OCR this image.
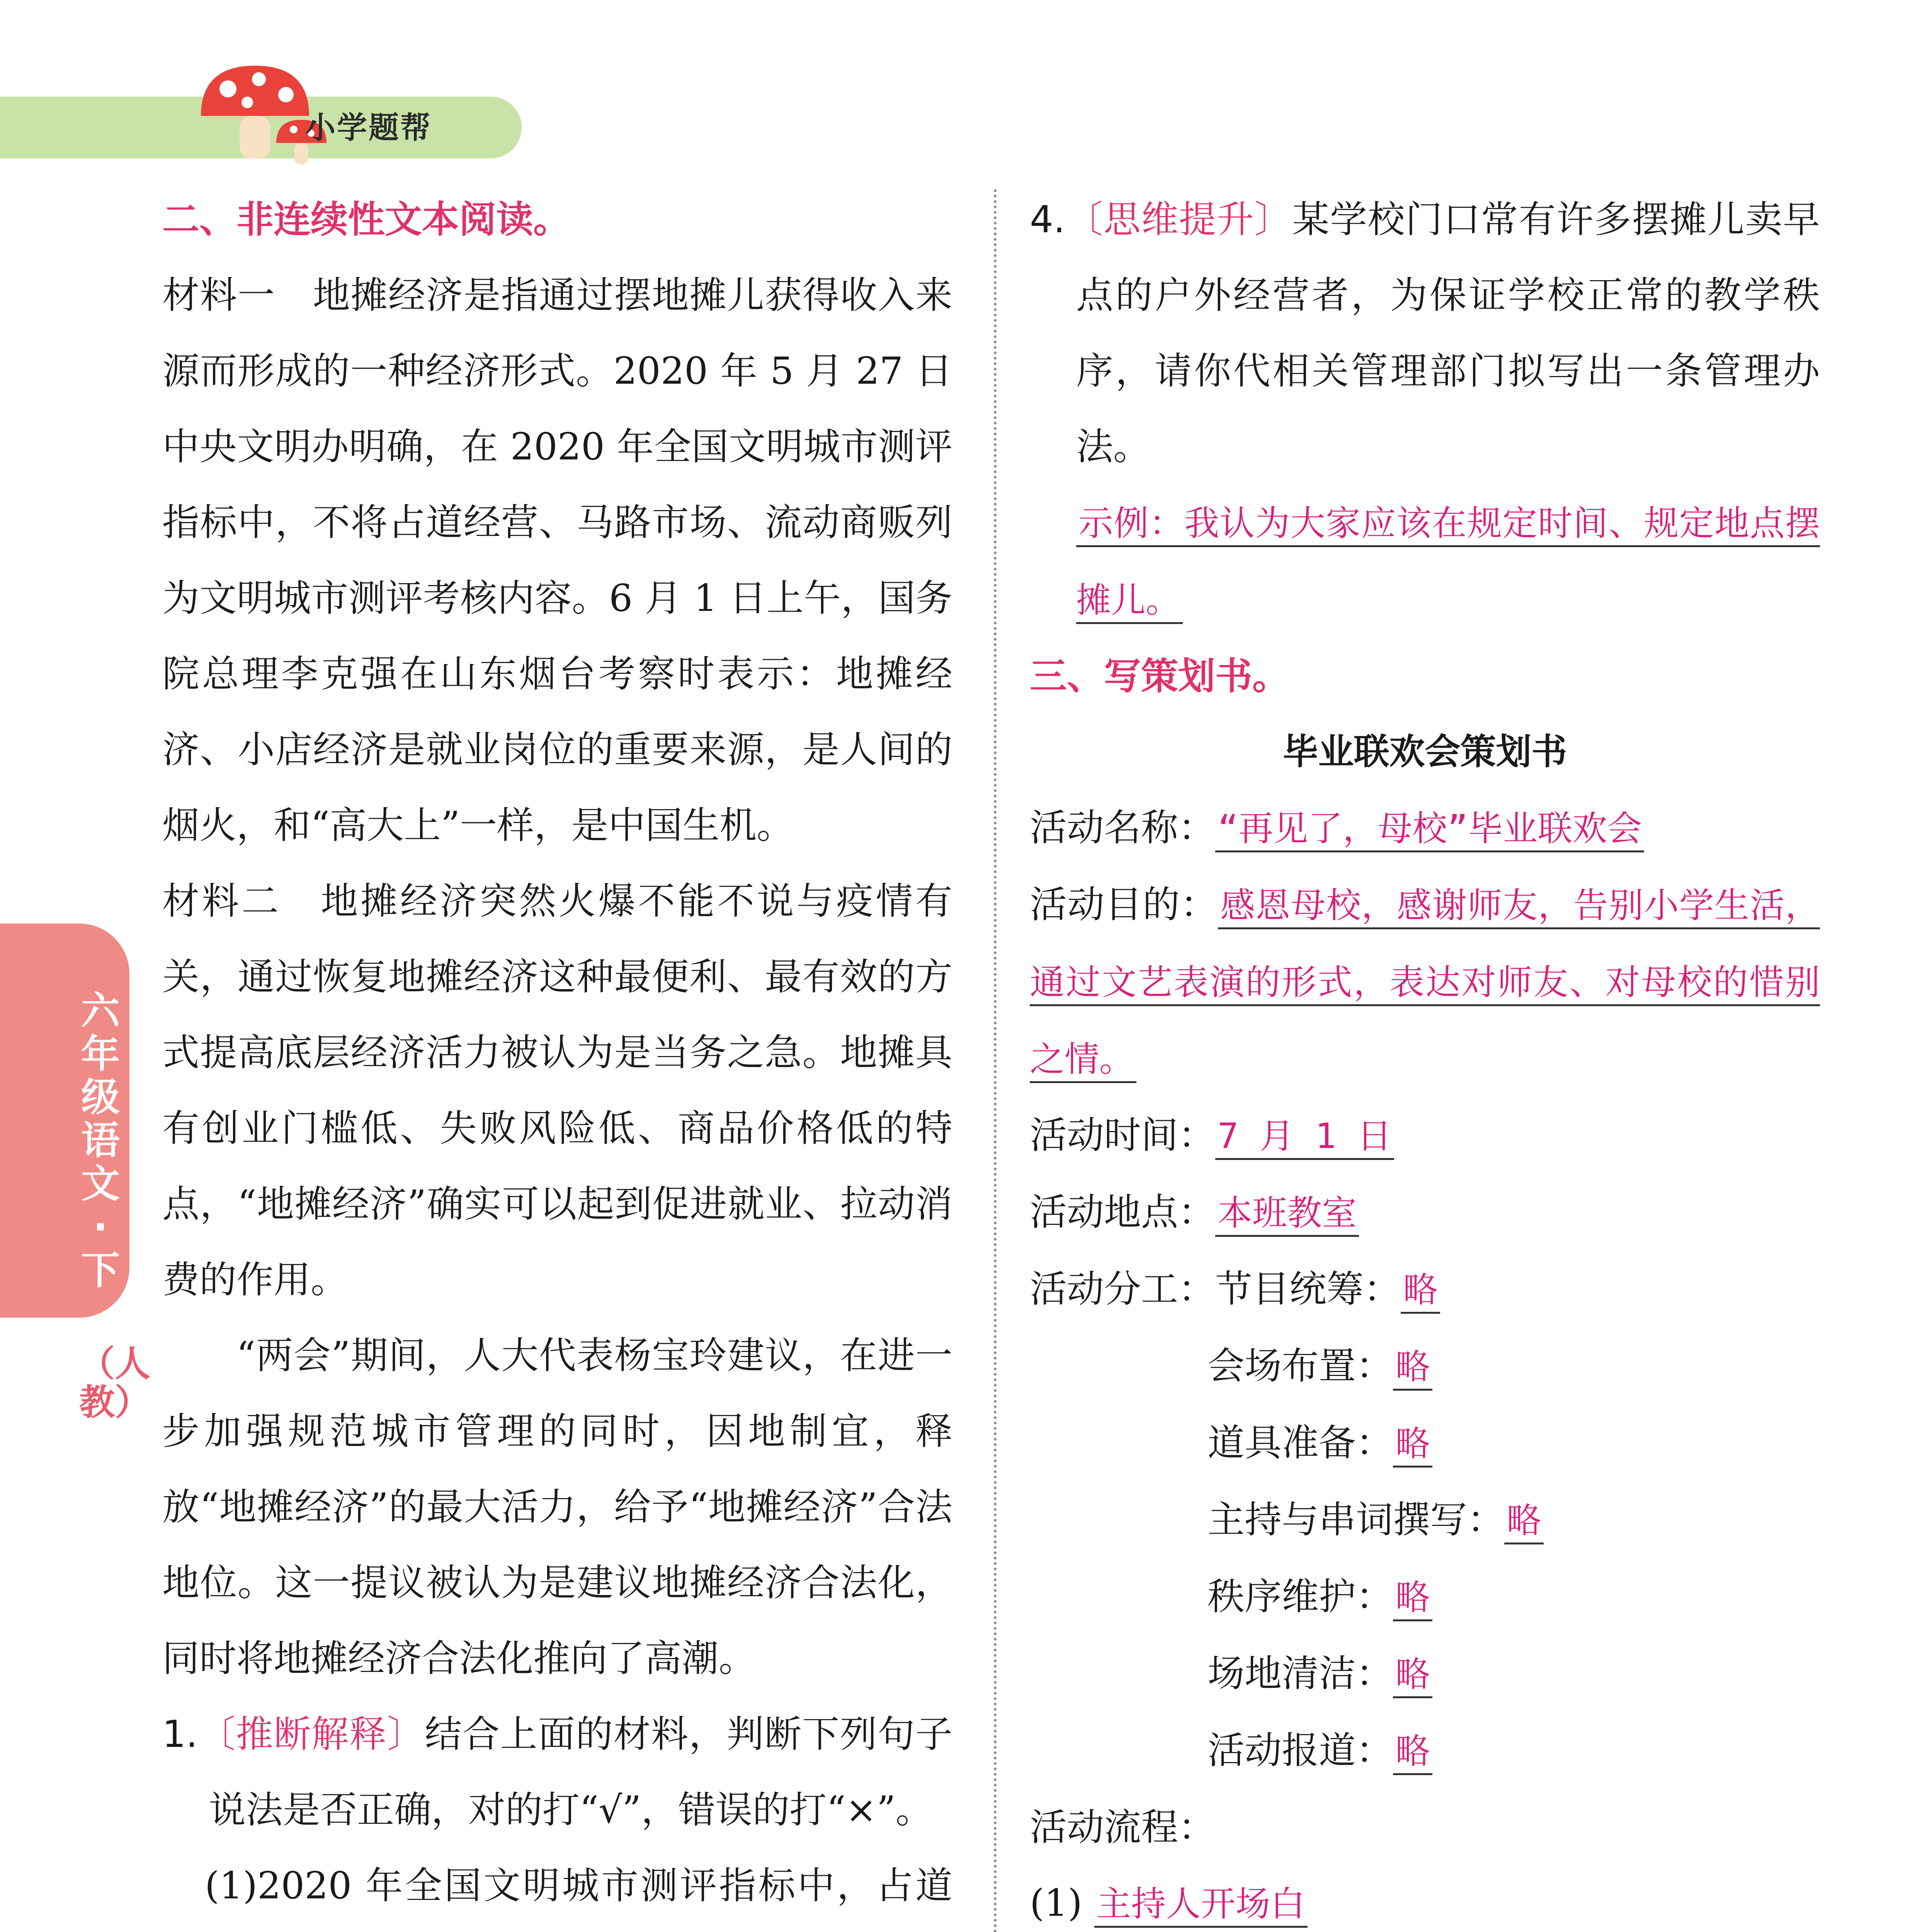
小学题帮
六年级语文·下
（人教）
二、非连续性文本阅读。

材料一　地摊经济是指通过摆地摊儿获得收入来源而形成的一种经济形式。2020 年 5 月 27 日中央文明办明确，在 2020 年全国文明城市测评指标中，不将占道经营、马路市场、流动商贩列为文明城市测评考核内容。6 月 1 日上午，国务院总理李克强在山东烟台考察时表示：地摊经济、小店经济是就业岗位的重要来源，是人间的烟火，和“高大上”一样，是中国生机。

材料二　地摊经济突然火爆不能不说与疫情有关，通过恢复地摊经济这种最便利、最有效的方式提高底层经济活力被认为是当务之急。地摊具有创业门槛低、失败风险低、商品价格低的特点，“地摊经济”确实可以起到促进就业、拉动消费的作用。

“两会”期间，人大代表杨宝玲建议，在进一步加强规范城市管理的同时，因地制宜，释放“地摊经济”的最大活力，给予“地摊经济”合法地位。这一提议被认为是建议地摊经济合法化，同时将地摊经济合法化推向了高潮。

1.〔推断解释〕结合上面的材料，判断下列句子说法是否正确，对的打“√”，错误的打“×”。

(1)2020 年全国文明城市测评指标中，占道

4.〔思维提升〕某学校门口常有许多摆摊儿卖早点的户外经营者，为保证学校正常的教学秩序，请你代相关管理部门拟写出一条管理办法。

示例：我认为大家应该在规定时间、规定地点摆摊儿。

三、写策划书。
毕业联欢会策划书

活动名称：“再见了，母校”毕业联欢会

活动目的：感恩母校，感谢师友，告别小学生活，通过文艺表演的形式，表达对师友、对母校的惜别之情。

活动时间：7 月 1 日

活动地点：本班教室

活动分工：节目统筹：略

会场布置：略

道具准备：略

主持与串词撰写：略

秩序维护：略

场地清洁：略

活动报道：略

活动流程：

(1) 主持人开场白
